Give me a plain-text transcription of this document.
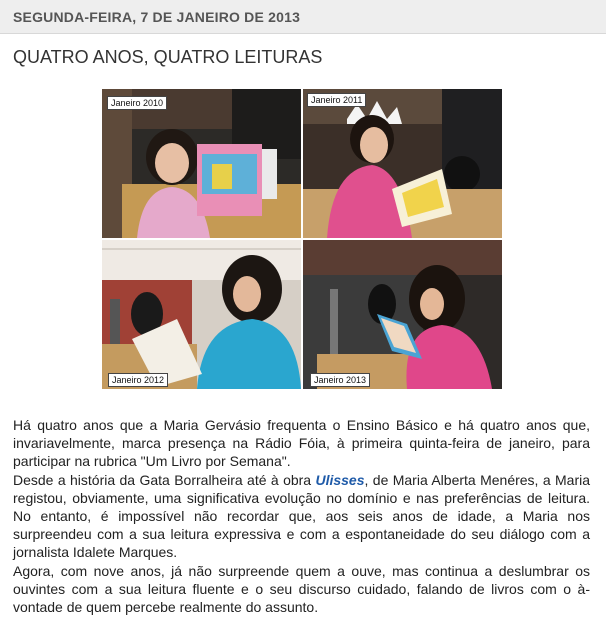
SEGUNDA-FEIRA, 7 DE JANEIRO DE 2013
QUATRO ANOS, QUATRO LEITURAS
Janeiro 2010	Janeiro 2011
Janeiro 2012	Janeiro 2013

Há quatro anos que a Maria Gervásio frequenta o Ensino Básico e há quatro anos que, invariavelmente, marca presença na Rádio Fóia, à primeira quinta-feira de janeiro, para participar na rubrica "Um Livro por Semana".

Desde a história da Gata Borralheira até à obra Ulisses, de Maria Alberta Menéres, a Maria registou, obviamente, uma significativa evolução no domínio e nas preferências de leitura. No entanto, é impossível não recordar que, aos seis anos de idade, a Maria nos surpreendeu com a sua leitura expressiva e com a espontaneidade do seu diálogo com a jornalista Idalete Marques.

Agora, com nove anos, já não surpreende quem a ouve, mas continua a deslumbrar os ouvintes com a sua leitura fluente e o seu discurso cuidado, falando de livros com o à-vontade de quem percebe realmente do assunto.
